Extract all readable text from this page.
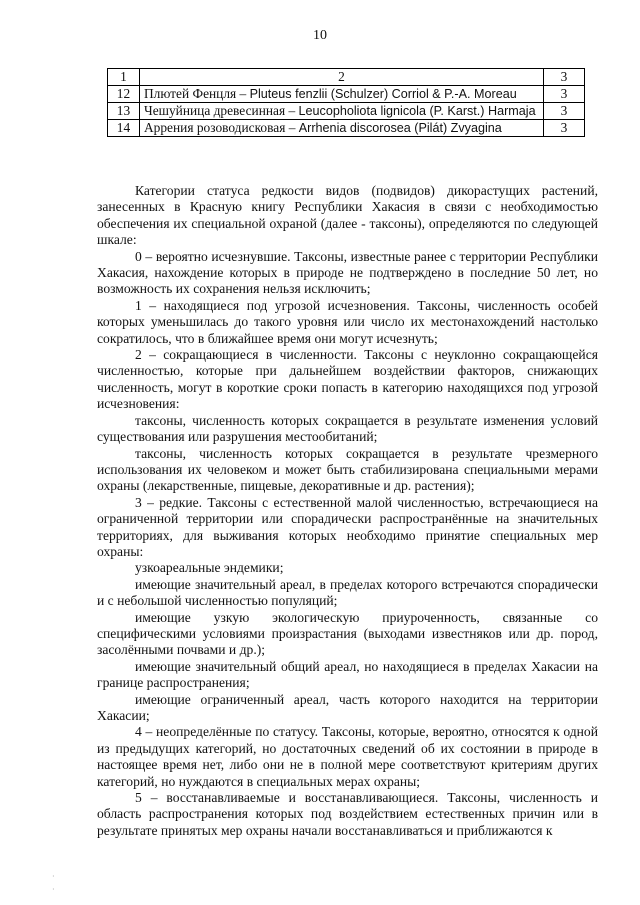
10
1	2	3
12	Плютей Фенцля – Pluteus fenzlii (Schulzer) Corriol & P.-A. Moreau	3
13	Чешуйница древесинная – Leucopholiota lignicola (P. Karst.) Harmaja	3
14	Аррения розоводисковая – Arrhenia discorosea (Pilát) Zvyagina	3

Категории статуса редкости видов (подвидов) дикорастущих растений, занесенных в Красную книгу Республики Хакасия в связи с необходимостью обеспечения их специальной охраной (далее - таксоны), определяются по следующей шкале:

0 – вероятно исчезнувшие. Таксоны, известные ранее с территории Республики Хакасия, нахождение которых в природе не подтверждено в последние 50 лет, но возможность их сохранения нельзя исключить;

1 – находящиеся под угрозой исчезновения. Таксоны, численность особей которых уменьшилась до такого уровня или число их местонахождений настолько сократилось, что в ближайшее время они могут исчезнуть;

2 – сокращающиеся в численности. Таксоны с неуклонно сокращающейся численностью, которые при дальнейшем воздействии факторов, снижающих численность, могут в короткие сроки попасть в категорию находящихся под угрозой исчезновения:

таксоны, численность которых сокращается в результате изменения условий существования или разрушения местообитаний;

таксоны, численность которых сокращается в результате чрезмерного использования их человеком и может быть стабилизирована специальными мерами охраны (лекарственные, пищевые, декоративные и др. растения);

3 – редкие. Таксоны с естественной малой численностью, встречающиеся на ограниченной территории или спорадически распространённые на значительных территориях, для выживания которых необходимо принятие специальных мер охраны:

узкоареальные эндемики;

имеющие значительный ареал, в пределах которого встречаются спорадически и с небольшой численностью популяций;

имеющие узкую экологическую приуроченность, связанные со специфическими условиями произрастания (выходами известняков или др. пород, засолёнными почвами и др.);

имеющие значительный общий ареал, но находящиеся в пределах Хакасии на границе распространения;

имеющие ограниченный ареал, часть которого находится на территории Хакасии;

4 – неопределённые по статусу. Таксоны, которые, вероятно, относятся к одной из предыдущих категорий, но достаточных сведений об их состоянии в природе в настоящее время нет, либо они не в полной мере соответствуют критериям других категорий, но нуждаются в специальных мерах охраны;

5 – восстанавливаемые и восстанавливающиеся. Таксоны, численность и область распространения которых под воздействием естественных причин или в результате принятых мер охраны начали восстанавливаться и приближаются к

·
·
